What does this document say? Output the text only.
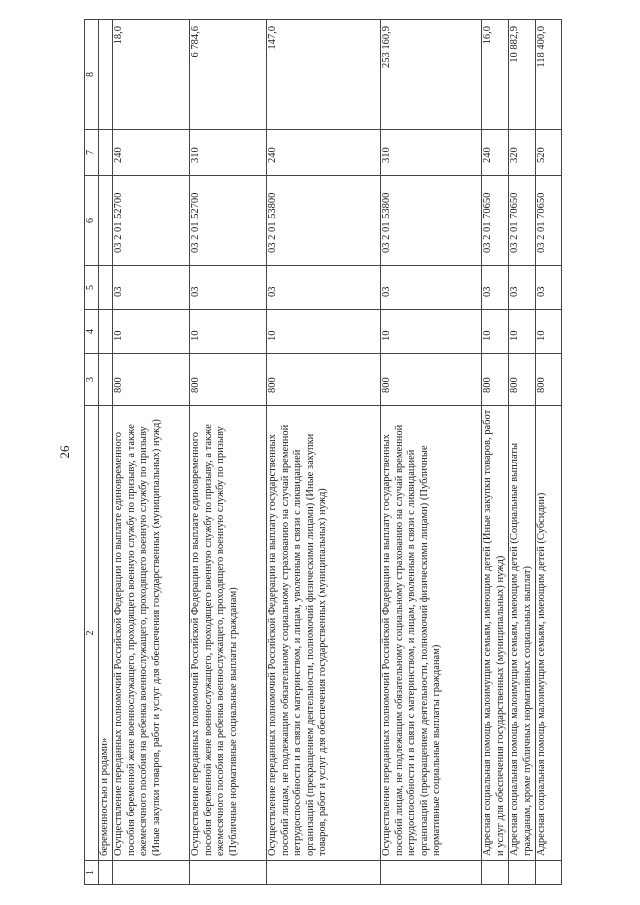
26
1	2	3	4	5	6	7	8
	беременностью и родами»						
	Осуществление переданных полномочий Российской Федерации по выплате единовременного пособия беременной жене военнослужащего, проходящего военную службу по призыву, а также ежемесячного пособия на ребенка военнослужащего, проходящего военную службу по призыву (Иные закупки товаров, работ и услуг для обеспечения государственных (муниципальных) нужд)	800	10	03	03 2 01 52700	240	18,0
	Осуществление переданных полномочий Российской Федерации по выплате единовременного пособия беременной жене военнослужащего, проходящего военную службу по призыву, а также ежемесячного пособия на ребенка военнослужащего, проходящего военную службу по призыву (Публичные нормативные социальные выплаты гражданам)	800	10	03	03 2 01 52700	310	6 784,6
	Осуществление переданных полномочий Российской Федерации на выплату государственных пособий лицам, не подлежащим обязательному социальному страхованию на случай временной нетрудоспособности и в связи с материнством, и лицам, уволенным в связи с ликвидацией организаций (прекращением деятельности, полномочий физическими лицами) (Иные закупки товаров, работ и услуг для обеспечения государственных (муниципальных) нужд)	800	10	03	03 2 01 53800	240	147,0
	Осуществление переданных полномочий Российской Федерации на выплату государственных пособий лицам, не подлежащим обязательному социальному страхованию на случай временной нетрудоспособности и в связи с материнством, и лицам, уволенным в связи с ликвидацией организаций (прекращением деятельности, полномочий физическими лицами) (Публичные нормативные социальные выплаты гражданам)	800	10	03	03 2 01 53800	310	253 160,9
	Адресная социальная помощь малоимущим семьям, имеющим детей (Иные закупки товаров, работ и услуг для обеспечения государственных (муниципальных) нужд)	800	10	03	03 2 01 70650	240	16,0
	Адресная социальная помощь малоимущим семьям, имеющим детей (Социальные выплаты гражданам, кроме публичных нормативных социальных выплат)	800	10	03	03 2 01 70650	320	10 882,9
	Адресная социальная помощь малоимущим семьям, имеющим детей (Субсидии)	800	10	03	03 2 01 70650	520	118 400,0
